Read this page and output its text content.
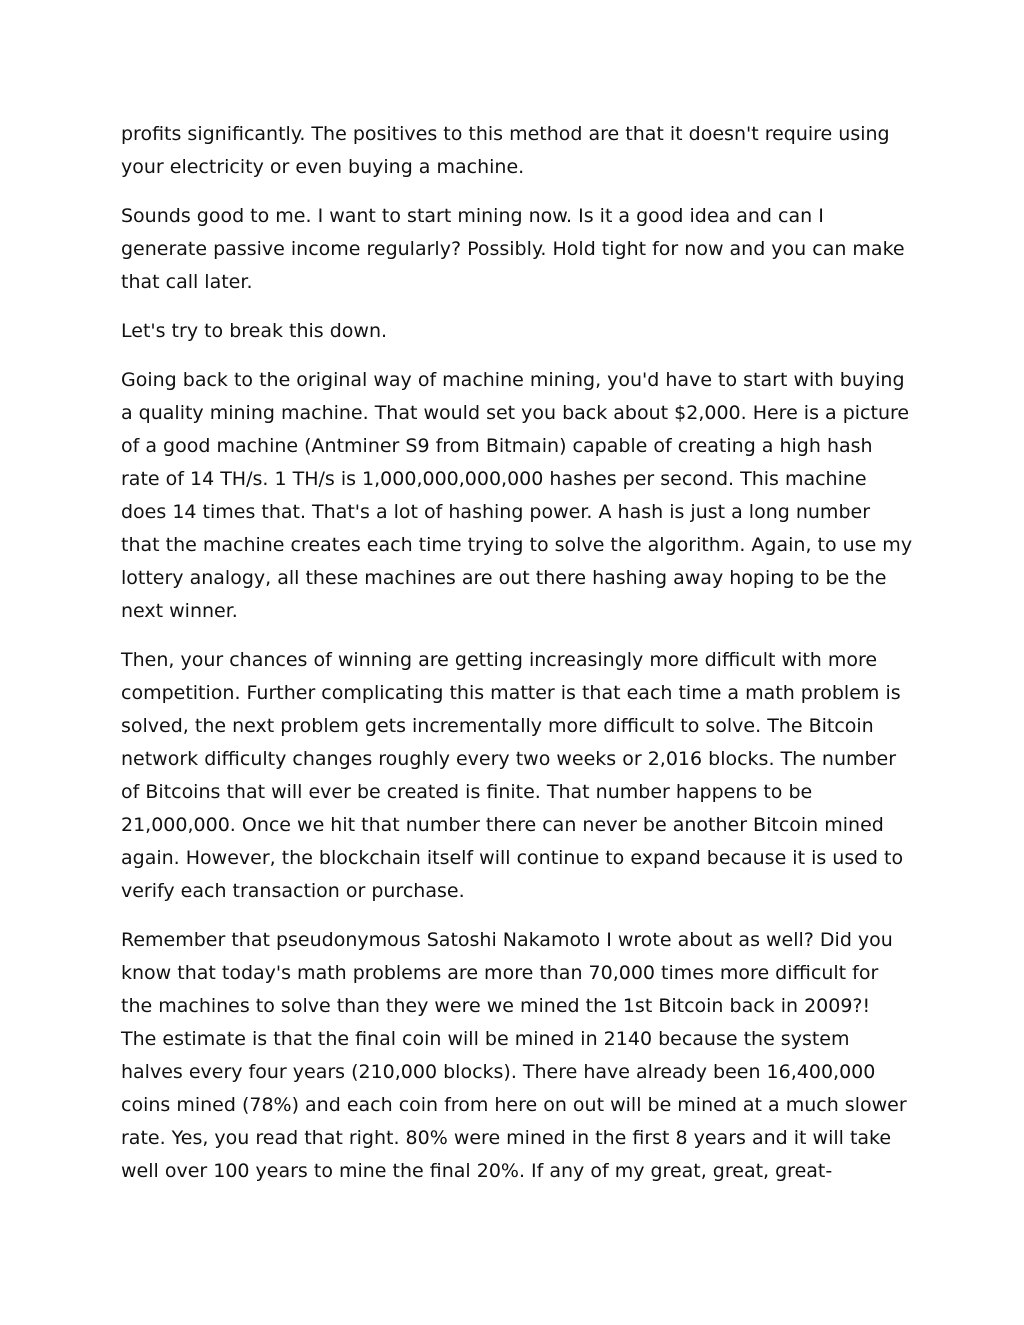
profits significantly. The positives to this method are that it doesn't require using
your electricity or even buying a machine.

Sounds good to me. I want to start mining now. Is it a good idea and can I
generate passive income regularly? Possibly. Hold tight for now and you can make
that call later.

Let's try to break this down.

Going back to the original way of machine mining, you'd have to start with buying
a quality mining machine. That would set you back about $2,000. Here is a picture
of a good machine (Antminer S9 from Bitmain) capable of creating a high hash
rate of 14 TH/s. 1 TH/s is 1,000,000,000,000 hashes per second. This machine
does 14 times that. That's a lot of hashing power. A hash is just a long number
that the machine creates each time trying to solve the algorithm. Again, to use my
lottery analogy, all these machines are out there hashing away hoping to be the
next winner.

Then, your chances of winning are getting increasingly more difficult with more
competition. Further complicating this matter is that each time a math problem is
solved, the next problem gets incrementally more difficult to solve. The Bitcoin
network difficulty changes roughly every two weeks or 2,016 blocks. The number
of Bitcoins that will ever be created is finite. That number happens to be
21,000,000. Once we hit that number there can never be another Bitcoin mined
again. However, the blockchain itself will continue to expand because it is used to
verify each transaction or purchase.

Remember that pseudonymous Satoshi Nakamoto I wrote about as well? Did you
know that today's math problems are more than 70,000 times more difficult for
the machines to solve than they were we mined the 1st Bitcoin back in 2009?!
The estimate is that the final coin will be mined in 2140 because the system
halves every four years (210,000 blocks). There have already been 16,400,000
coins mined (78%) and each coin from here on out will be mined at a much slower
rate. Yes, you read that right. 80% were mined in the first 8 years and it will take
well over 100 years to mine the final 20%. If any of my great, great, great-
